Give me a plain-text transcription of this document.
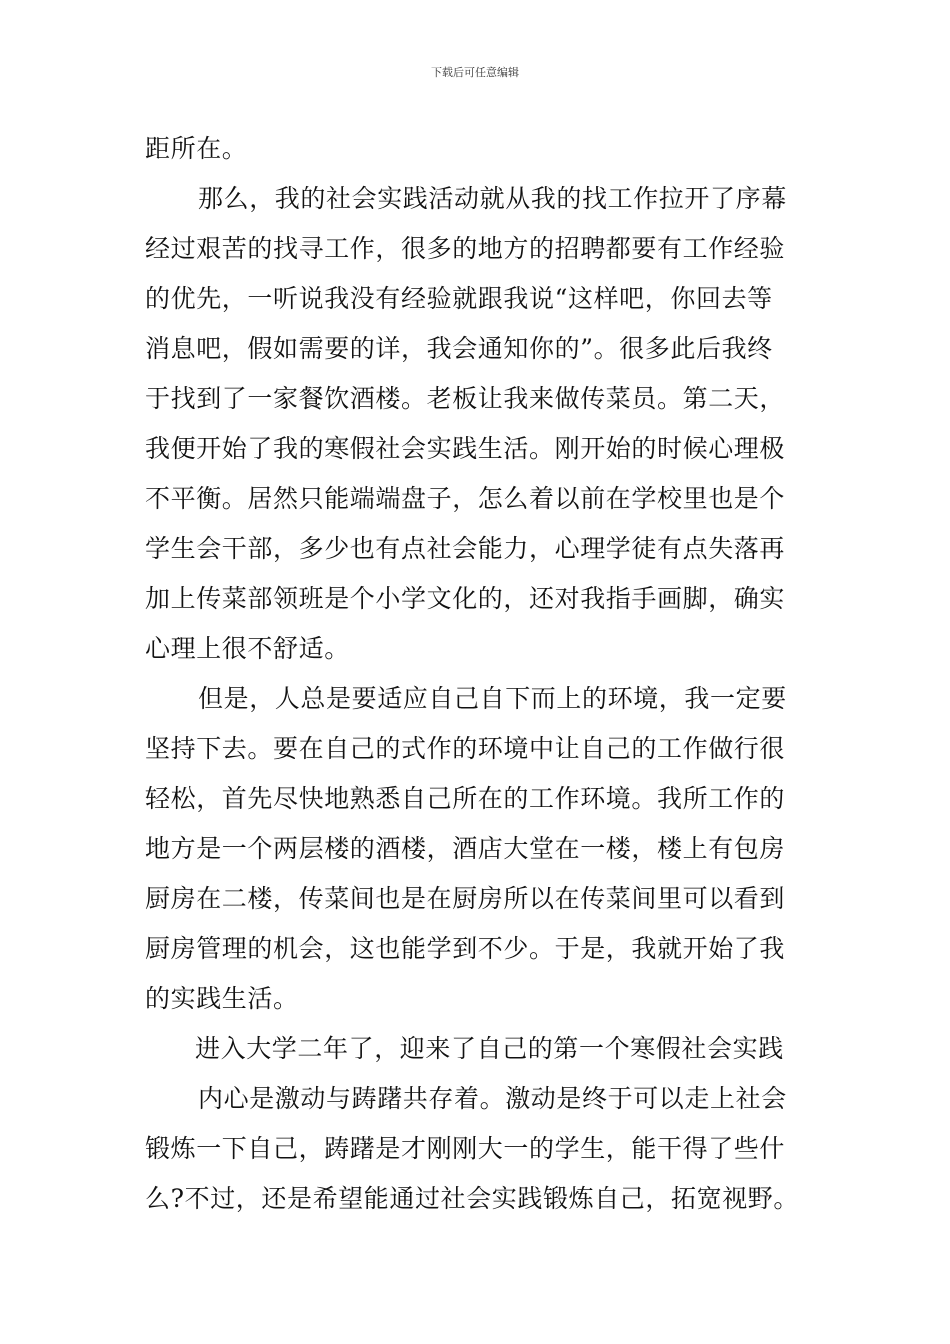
下载后可任意编辑
距所在。
那么，我的社会实践活动就从我的找工作拉开了序幕
经过艰苦的找寻工作，很多的地方的招聘都要有工作经验
的优先，一听说我没有经验就跟我说“这样吧，你回去等
消息吧，假如需要的详，我会通知你的”。很多此后我终
于找到了一家餐饮酒楼。老板让我来做传菜员。第二天，
我便开始了我的寒假社会实践生活。刚开始的时候心理极
不平衡。居然只能端端盘子，怎么着以前在学校里也是个
学生会干部，多少也有点社会能力，心理学徒有点失落再
加上传菜部领班是个小学文化的，还对我指手画脚，确实
心理上很不舒适。
但是，人总是要适应自己自下而上的环境，我一定要
坚持下去。要在自己的式作的环境中让自己的工作做行很
轻松，首先尽快地熟悉自己所在的工作环境。我所工作的
地方是一个两层楼的酒楼，酒店大堂在一楼，楼上有包房
厨房在二楼，传菜间也是在厨房所以在传菜间里可以看到
厨房管理的机会，这也能学到不少。于是，我就开始了我
的实践生活。
进入大学二年了，迎来了自己的第一个寒假社会实践
内心是激动与踌躇共存着。激动是终于可以走上社会
锻炼一下自己，踌躇是才刚刚大一的学生，能干得了些什
么?不过，还是希望能通过社会实践锻炼自己，拓宽视野。
